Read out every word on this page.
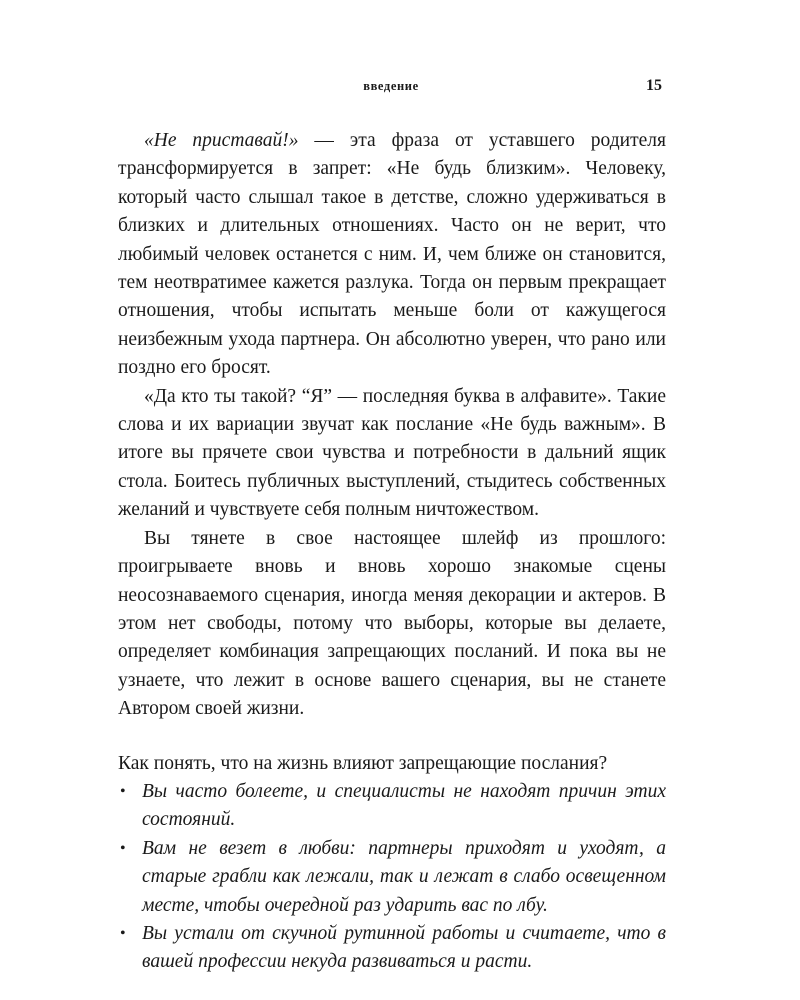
введение	15

«Не приставай!» — эта фраза от уставшего родителя трансформируется в запрет: «Не будь близким». Человеку, который часто слышал такое в детстве, сложно удерживаться в близких и длительных отношениях. Часто он не верит, что любимый человек останется с ним. И, чем ближе он становится, тем неотвратимее кажется разлука. Тогда он первым прекращает отношения, чтобы испытать меньше боли от кажущегося неизбежным ухода партнера. Он абсолютно уверен, что рано или поздно его бросят.

«Да кто ты такой? “Я” — последняя буква в алфавите». Такие слова и их вариации звучат как послание «Не будь важным». В итоге вы прячете свои чувства и потребности в дальний ящик стола. Боитесь публичных выступлений, стыдитесь собственных желаний и чувствуете себя полным ничтожеством.

Вы тянете в свое настоящее шлейф из прошлого: проигрываете вновь и вновь хорошо знакомые сцены неосознаваемого сценария, иногда меняя декорации и актеров. В этом нет свободы, потому что выборы, которые вы делаете, определяет комбинация запрещающих посланий. И пока вы не узнаете, что лежит в основе вашего сценария, вы не станете Автором своей жизни.

Как понять, что на жизнь влияют запрещающие послания?
• Вы часто болеете, и специалисты не находят причин этих состояний.
• Вам не везет в любви: партнеры приходят и уходят, а старые грабли как лежали, так и лежат в слабо освещенном месте, чтобы очередной раз ударить вас по лбу.
• Вы устали от скучной рутинной работы и считаете, что в вашей профессии некуда развиваться и расти.
